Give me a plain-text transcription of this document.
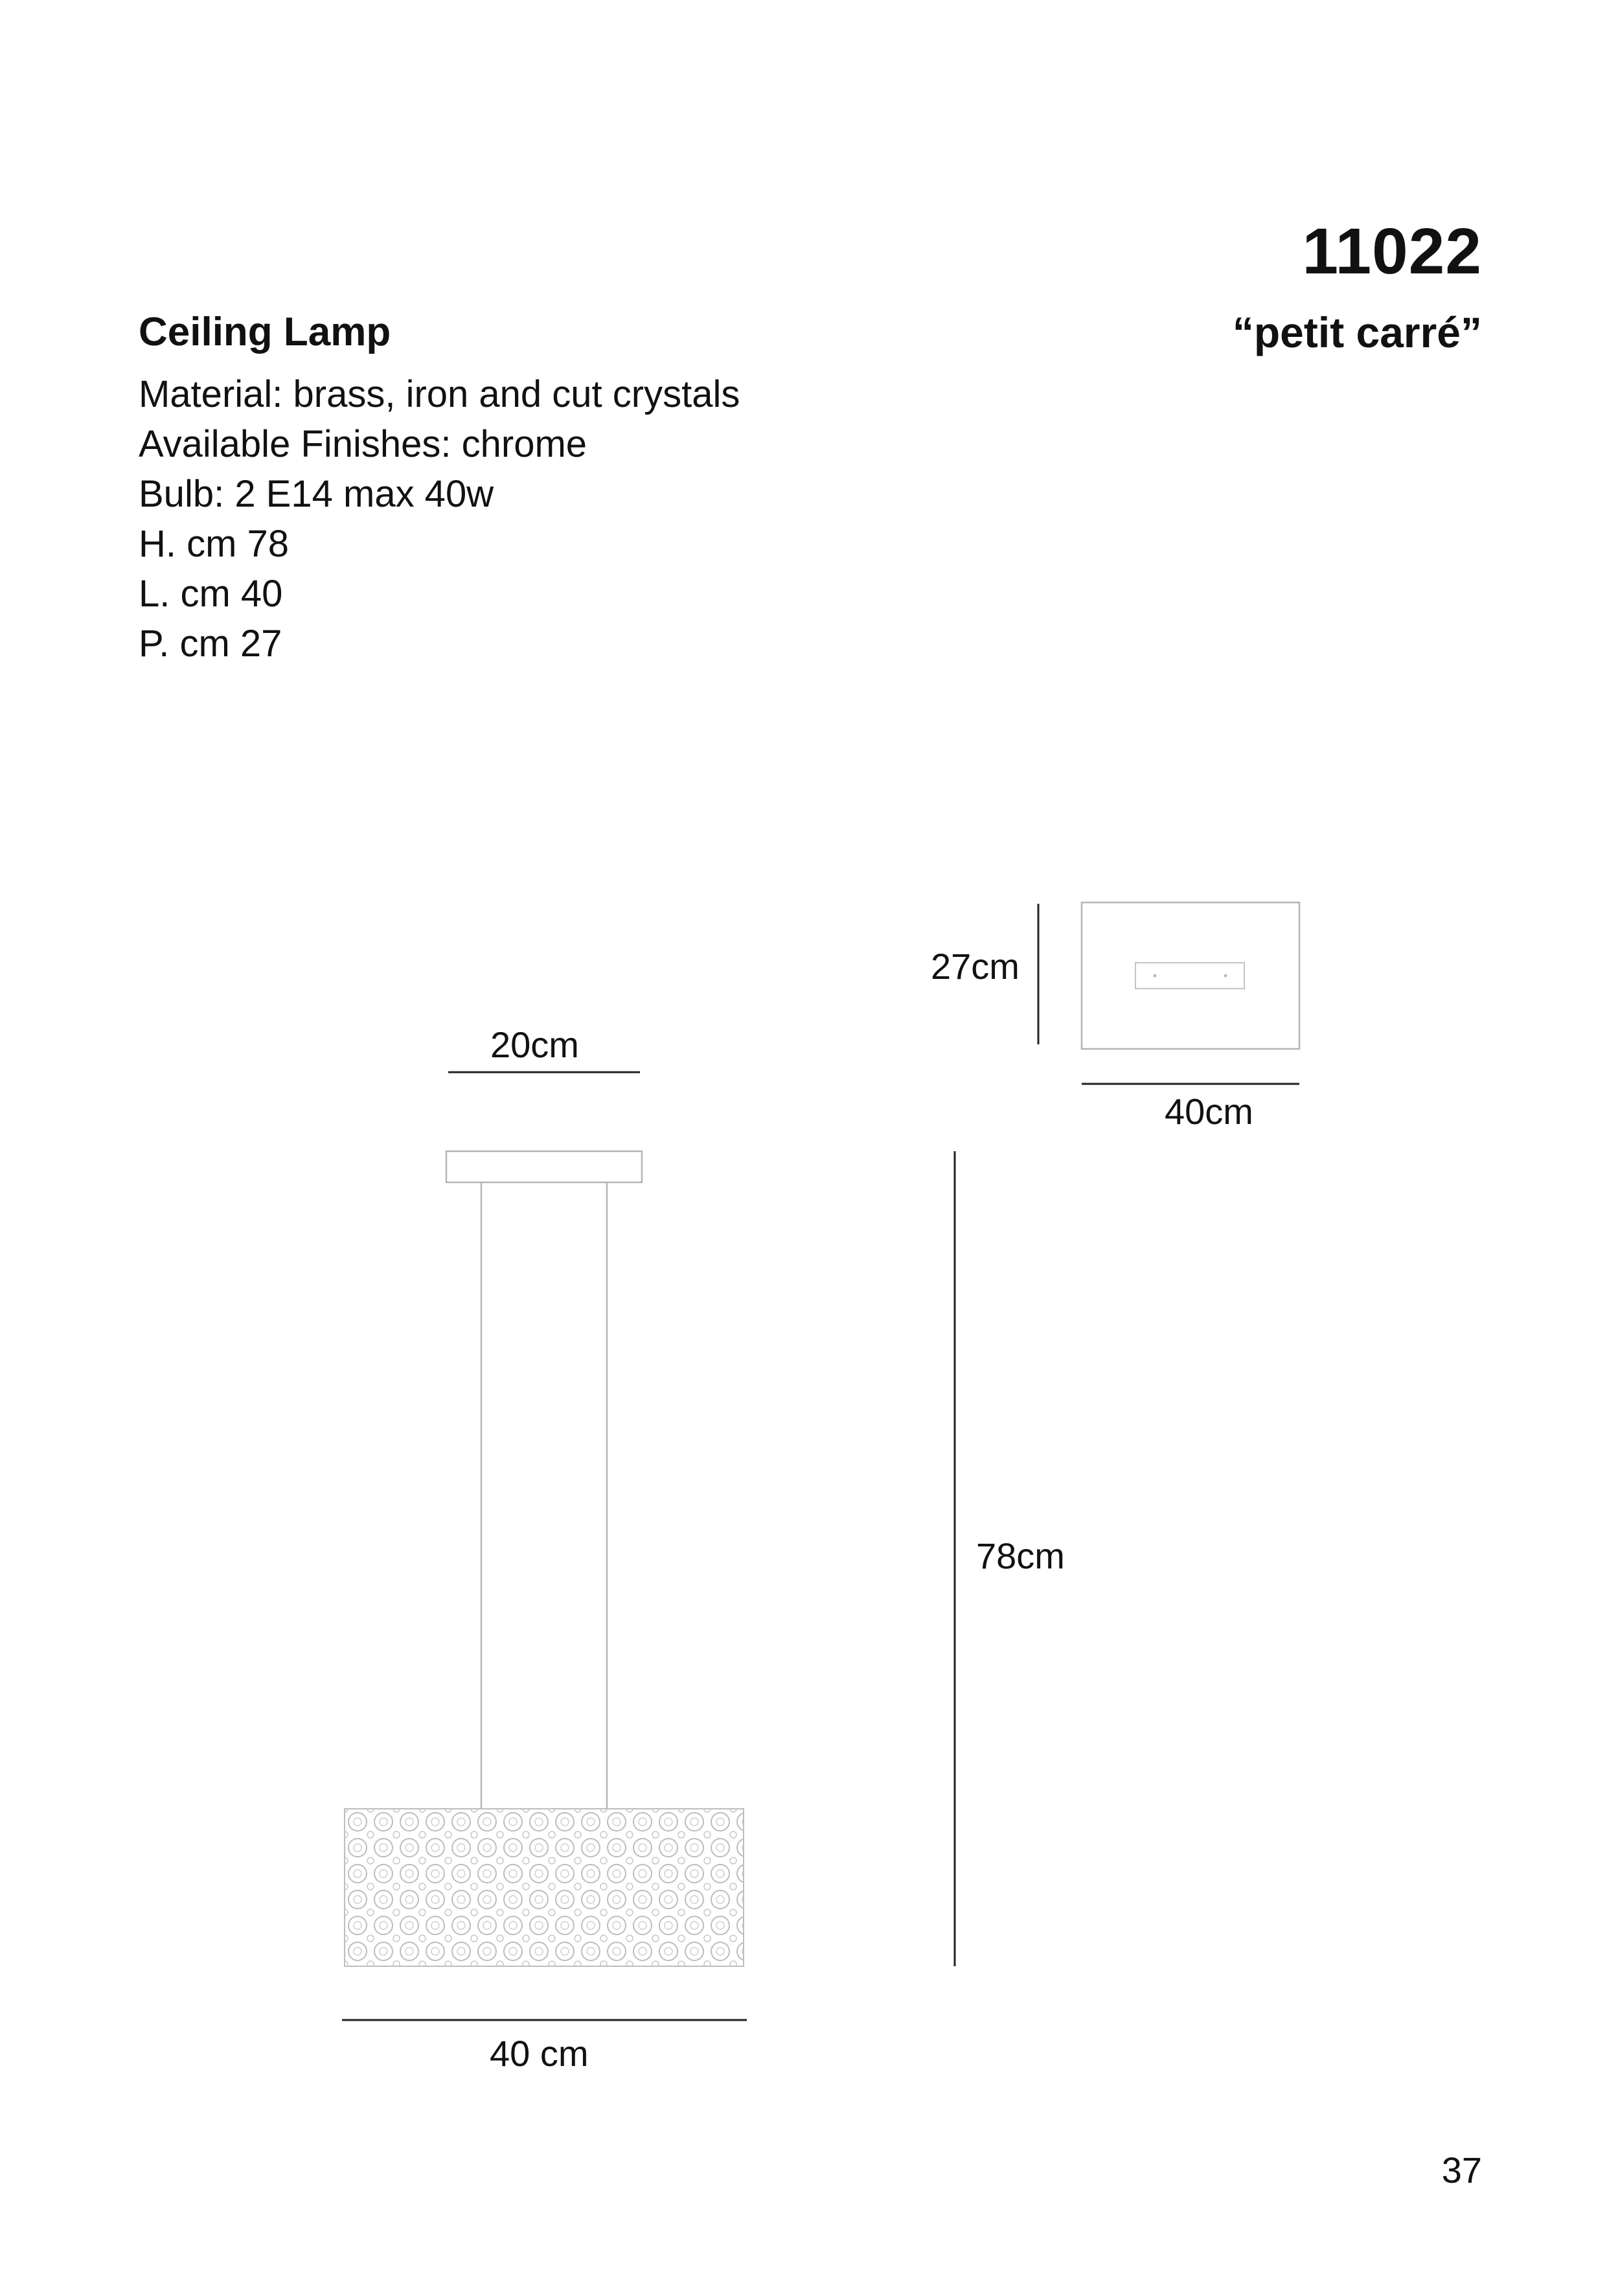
11022
“petit carré”
Ceiling Lamp
Material: brass, iron and cut crystals
Available Finishes: chrome
Bulb: 2 E14 max 40w
H. cm 78
L. cm 40
P. cm 27
27cm
40cm
20cm
78cm
40 cm
37
